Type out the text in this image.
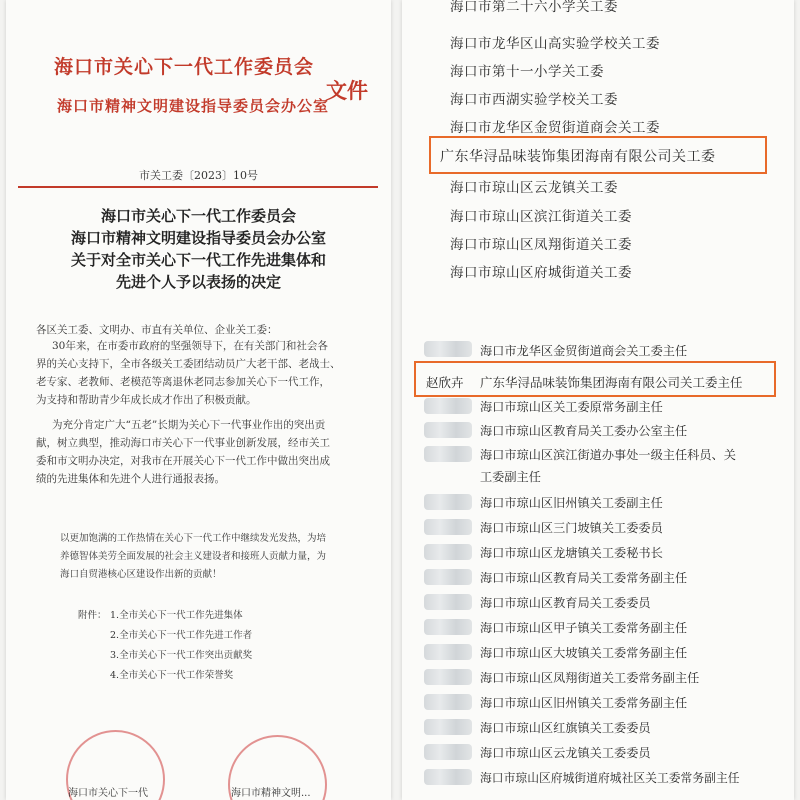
海口市关心下一代工作委员会
海口市精神文明建设指导委员会办公室
文件
市关工委〔2023〕10号
海口市关心下一代工作委员会
海口市精神文明建设指导委员会办公室
关于对全市关心下一代工作先进集体和
先进个人予以表扬的决定
各区关工委、文明办、市直有关单位、企业关工委：
30年来，在市委市政府的坚强领导下，在有关部门和社会各
界的关心支持下，全市各级关工委团结动员广大老干部、老战士、
老专家、老教师、老模范等离退休老同志参加关心下一代工作，
为支持和帮助青少年成长成才作出了积极贡献。
为充分肯定广大“五老”长期为关心下一代事业作出的突出贡
献，树立典型，推动海口市关心下一代事业创新发展，经市关工
委和市文明办决定，对我市在开展关心下一代工作中做出突出成
绩的先进集体和先进个人进行通报表扬。
以更加饱满的工作热情在关心下一代工作中继续发光发热，为培
养德智体美劳全面发展的社会主义建设者和接班人贡献力量，为
海口自贸港核心区建设作出新的贡献！
附件： 1.全市关心下一代工作先进集体
2.全市关心下一代工作先进工作者
3.全市关心下一代工作突出贡献奖
4.全市关心下一代工作荣誉奖
海口市关心下一代	海口市精神文明...
海口市第二十六小学关工委
海口市龙华区山高实验学校关工委
海口市第十一小学关工委
海口市西湖实验学校关工委
海口市龙华区金贸街道商会关工委
广东华浔品味装饰集团海南有限公司关工委
海口市琼山区云龙镇关工委
海口市琼山区滨江街道关工委
海口市琼山区凤翔街道关工委
海口市琼山区府城街道关工委
海口市龙华区金贸街道商会关工委主任
赵欣卉 广东华浔品味装饰集团海南有限公司关工委主任
海口市琼山区关工委原常务副主任
海口市琼山区教育局关工委办公室主任
海口市琼山区滨江街道办事处一级主任科员、关
工委副主任
海口市琼山区旧州镇关工委副主任
海口市琼山区三门坡镇关工委委员
海口市琼山区龙塘镇关工委秘书长
海口市琼山区教育局关工委常务副主任
海口市琼山区教育局关工委委员
海口市琼山区甲子镇关工委常务副主任
海口市琼山区大坡镇关工委常务副主任
海口市琼山区凤翔街道关工委常务副主任
海口市琼山区旧州镇关工委常务副主任
海口市琼山区红旗镇关工委委员
海口市琼山区云龙镇关工委委员
海口市琼山区府城街道府城社区关工委常务副主任
